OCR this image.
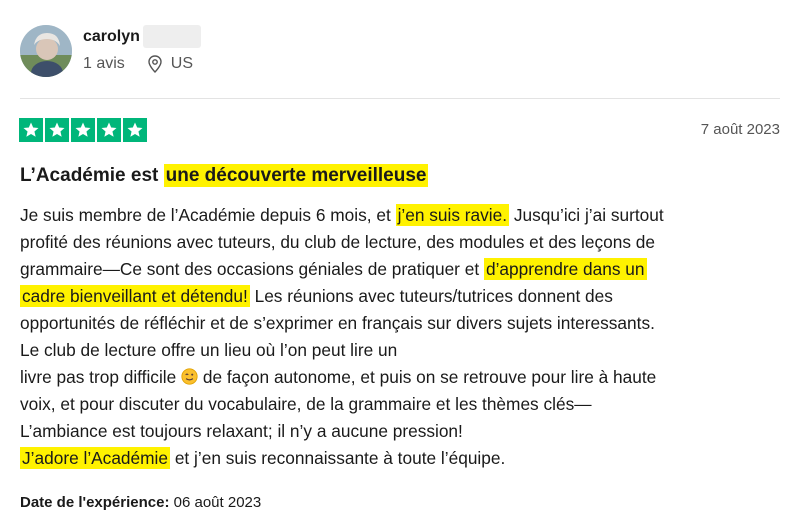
carolyn
1 avis	US
7 août 2023
L’Académie est une découverte merveilleuse
Je suis membre de l’Académie depuis 6 mois, et j’en suis ravie. Jusqu’ici j’ai surtout
profité des réunions avec tuteurs, du club de lecture, des modules et des leçons de
grammaire—Ce sont des occasions géniales de pratiquer et d’apprendre dans un
cadre bienveillant et détendu! Les réunions avec tuteurs/tutrices donnent des
opportunités de réfléchir et de s’exprimer en français sur divers sujets interessants.
Le club de lecture offre un lieu où l’on peut lire un
livre pas trop difficile  de façon autonome, et puis on se retrouve pour lire à haute
voix, et pour discuter du vocabulaire, de la grammaire et les thèmes clés—
L’ambiance est toujours relaxant; il n’y a aucune pression!
J’adore l’Académie et j’en suis reconnaissante à toute l’équipe.
Date de l'expérience: 06 août 2023
